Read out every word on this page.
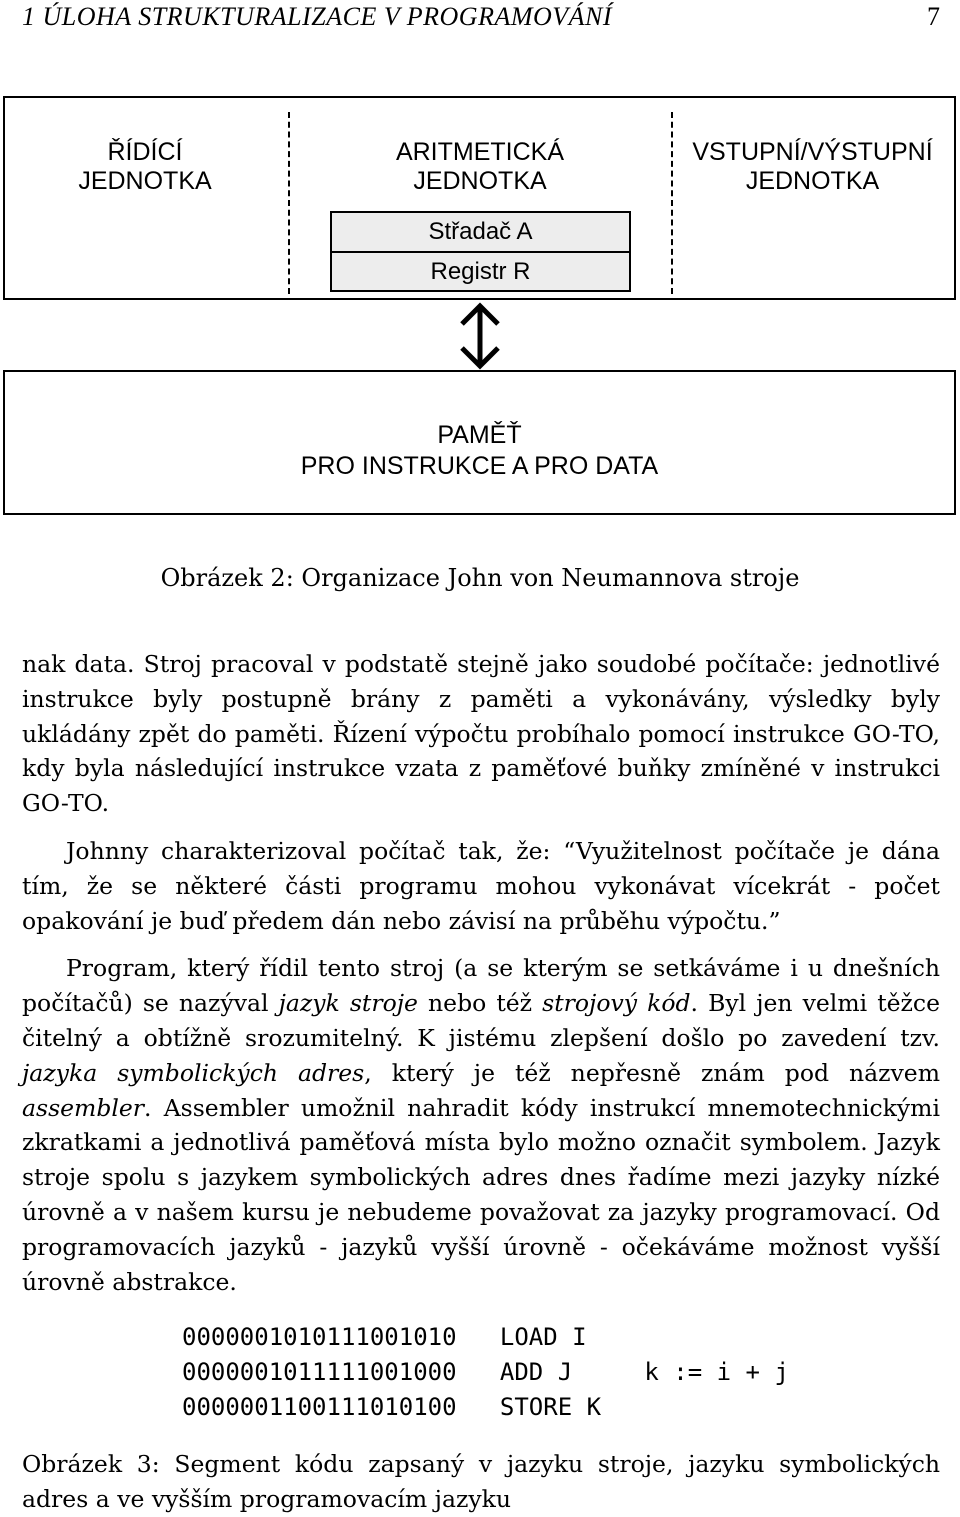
1 ÚLOHA STRUKTURALIZACE V PROGRAMOVÁNÍ	7
ŘÍDÍCÍ
JEDNOTKA
ARITMETICKÁ
JEDNOTKA
VSTUPNÍ/VÝSTUPNÍ
JEDNOTKA
Střadač A
Registr R
PAMĚŤ
PRO INSTRUKCE A PRO DATA
Obrázek 2: Organizace John von Neumannova stroje

nak data. Stroj pracoval v podstatě stejně jako soudobé počítače: jednotlivé instrukce byly postupně brány z paměti a vykonávány, výsledky byly ukládány zpět do paměti. Řízení výpočtu probíhalo pomocí instrukce GO-TO, kdy byla následující instrukce vzata z paměťové buňky zmíněné v instrukci GO-TO.

Johnny charakterizoval počítač tak, že: “Využitelnost počítače je dána tím, že se některé části programu mohou vykonávat vícekrát - počet opakování je buď předem dán nebo závisí na průběhu výpočtu.”

Program, který řídil tento stroj (a se kterým se setkáváme i u dnešních počítačů) se nazýval jazyk stroje nebo též strojový kód. Byl jen velmi těžce čitelný a obtížně srozumitelný. K jistému zlepšení došlo po zavedení tzv. jazyka symbolických adres, který je též nepřesně znám pod názvem assembler. Assembler umožnil nahradit kódy instrukcí mnemotechnickými zkratkami a jednotlivá paměťová místa bylo možno označit symbolem. Jazyk stroje spolu s jazykem symbolických adres dnes řadíme mezi jazyky nízké úrovně a v našem kursu je nebudeme považovat za jazyky programovací. Od programovacích jazyků - jazyků vyšší úrovně - očekáváme možnost vyšší úrovně abstrakce.

0000001010111001010 LOAD I
0000001011111001000 ADD J	k := i + j
0000001100111010100 STORE K
Obrázek 3: Segment kódu zapsaný v jazyku stroje, jazyku symbolických adres a ve vyšším programovacím jazyku
